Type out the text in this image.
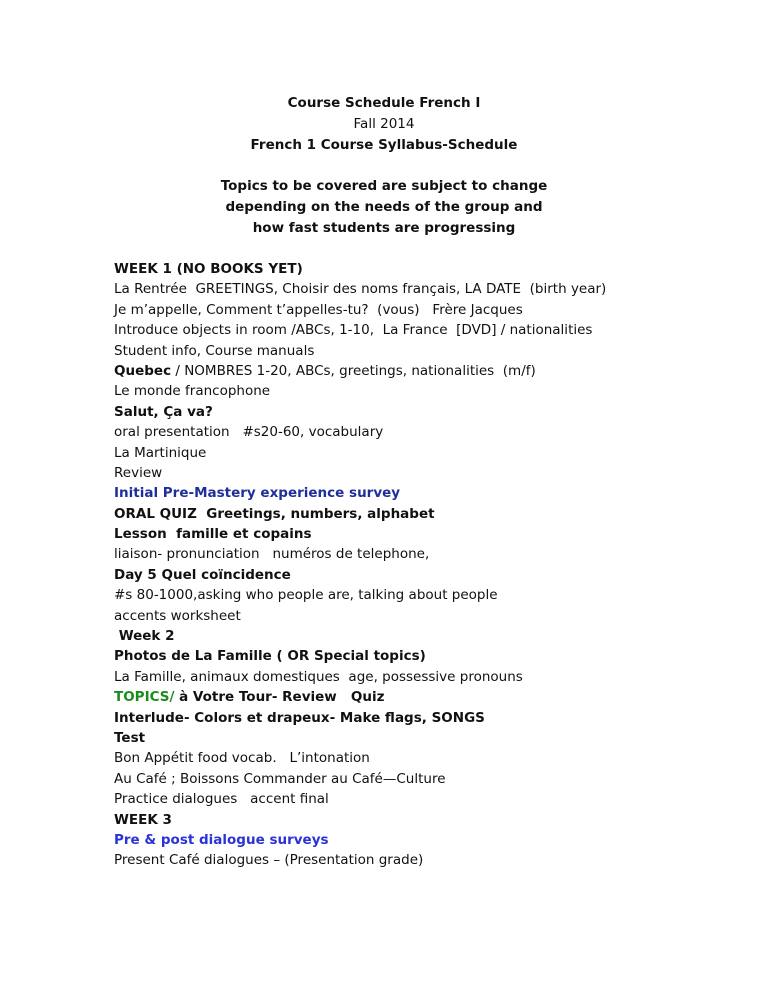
Course Schedule French I
Fall 2014
French 1 Course Syllabus-Schedule
Topics to be covered are subject to change
depending on the needs of the group and
how fast students are progressing
WEEK 1 (NO BOOKS YET)
La Rentrée  GREETINGS, Choisir des noms français, LA DATE  (birth year)
Je m’appelle, Comment t’appelles-tu?  (vous)   Frère Jacques
Introduce objects in room /ABCs, 1-10,  La France  [DVD] / nationalities
Student info, Course manuals
Quebec / NOMBRES 1-20, ABCs, greetings, nationalities  (m/f)
Le monde francophone
Salut, Ça va?
oral presentation   #s20-60, vocabulary
La Martinique
Review
Initial Pre-Mastery experience survey
ORAL QUIZ  Greetings, numbers, alphabet
Lesson  famille et copains
liaison- pronunciation   numéros de telephone,
Day 5 Quel coïncidence
#s 80-1000,asking who people are, talking about people
accents worksheet
Week 2
Photos de La Famille ( OR Special topics)
La Famille, animaux domestiques  age, possessive pronouns
TOPICS/ à Votre Tour- Review   Quiz
Interlude- Colors et drapeux- Make flags, SONGS
Test
Bon Appétit food vocab.   L’intonation
Au Café ; Boissons Commander au Café—Culture
Practice dialogues   accent final
WEEK 3
Pre & post dialogue surveys
Present Café dialogues – (Presentation grade)
